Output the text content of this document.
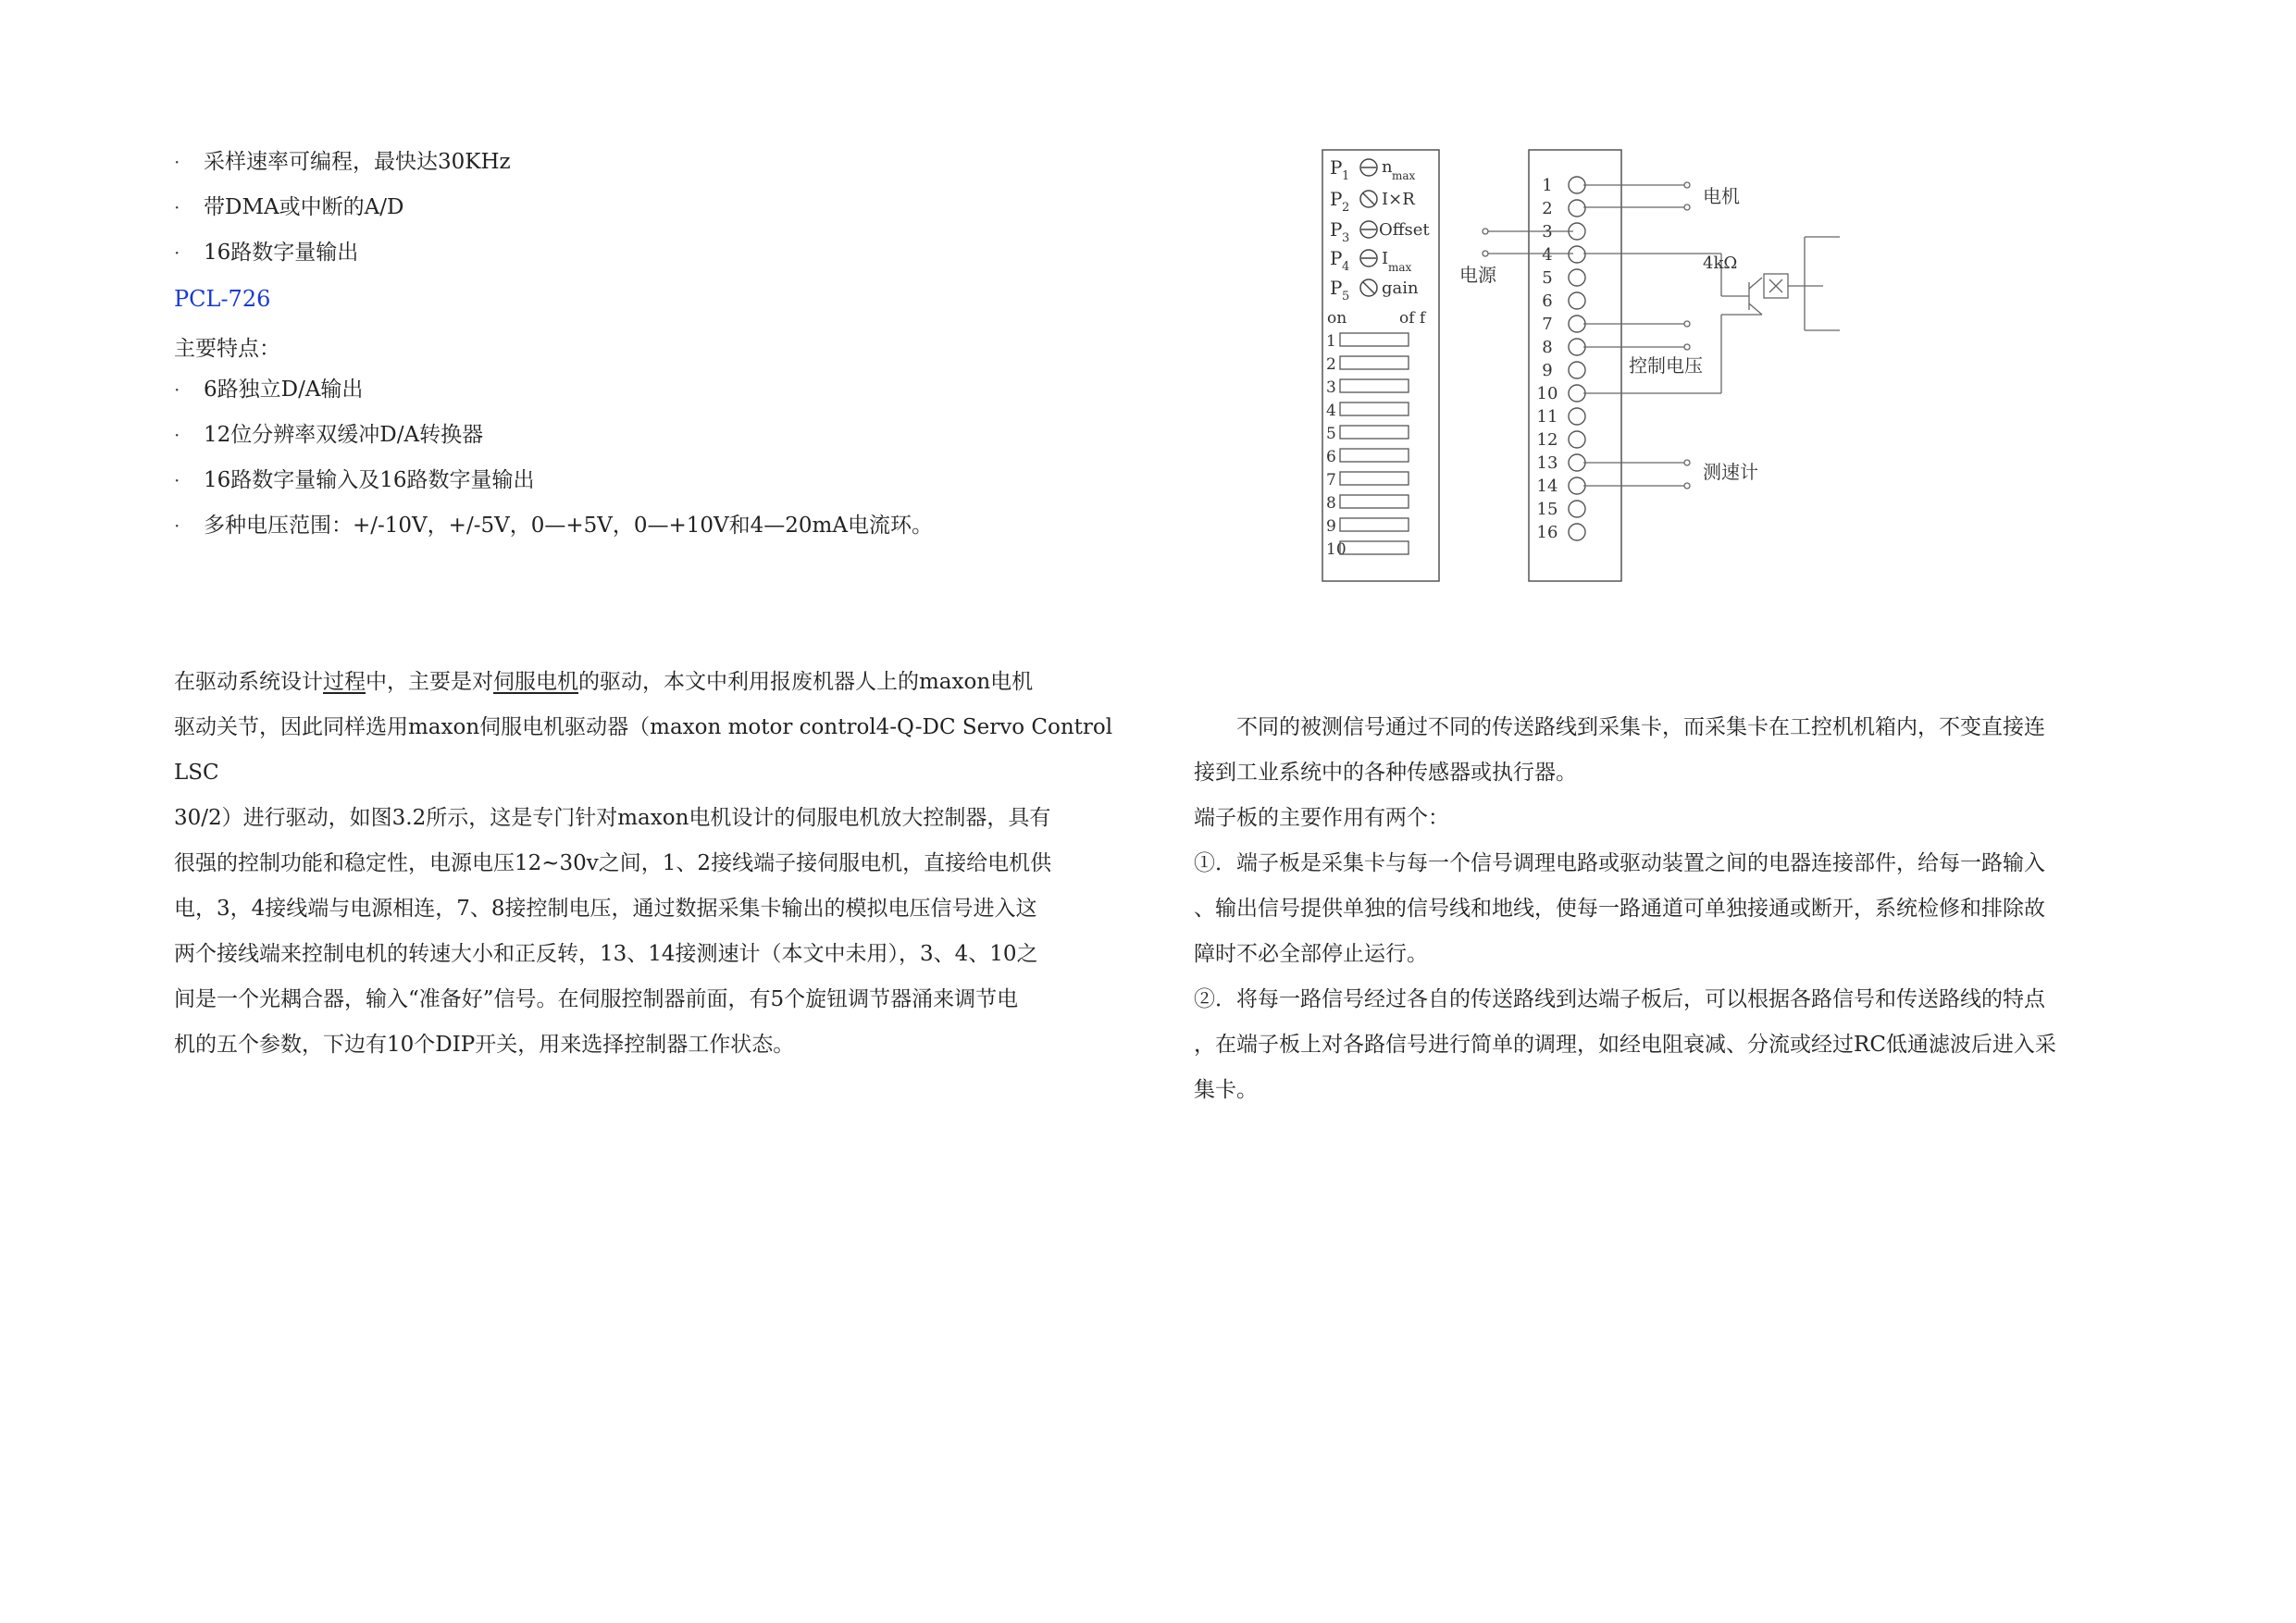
· 采样速率可编程，最快达30KHz
· 带DMA或中断的A/D
· 16路数字量输出
PCL-726
主要特点：
· 6路独立D/A输出
· 12位分辨率双缓冲D/A转换器
· 16路数字量输入及16路数字量输出
· 多种电压范围：+/-10V，+/-5V，0—+5V，0—+10V和4—20mA电流环。
在驱动系统设计过程中，主要是对伺服电机的驱动，本文中利用报废机器人上的maxon电机
驱动关节，因此同样选用maxon伺服电机驱动器（maxon motor control4-Q-DC Servo Control
LSC
30/2）进行驱动，如图3.2所示，这是专门针对maxon电机设计的伺服电机放大控制器，具有
很强的控制功能和稳定性，电源电压12~30v之间，1、2接线端子接伺服电机，直接给电机供
电，3，4接线端与电源相连，7、8接控制电压，通过数据采集卡输出的模拟电压信号进入这
两个接线端来控制电机的转速大小和正反转，13、14接测速计（本文中未用），3、4、10之
间是一个光耦合器，输入“准备好”信号。在伺服控制器前面，有5个旋钮调节器涌来调节电
机的五个参数，下边有10个DIP开关，用来选择控制器工作状态。
不同的被测信号通过不同的传送路线到采集卡，而采集卡在工控机机箱内，不变直接连
接到工业系统中的各种传感器或执行器。
端子板的主要作用有两个：
①．端子板是采集卡与每一个信号调理电路或驱动装置之间的电器连接部件，给每一路输入
、输出信号提供单独的信号线和地线，使每一路通道可单独接通或断开，系统检修和排除故
障时不必全部停止运行。
②．将每一路信号经过各自的传送路线到达端子板后，可以根据各路信号和传送路线的特点
，在端子板上对各路信号进行简单的调理，如经电阻衰减、分流或经过RC低通滤波后进入采
集卡。
P 1 n max
P 2 I×R
P 3 Offset
P 4 I max
P 5 gain
on	of f
1
2
3
4
5
6
7
8
9
10
1
2
3
4
5
6
7
8
9
10
11
12
13
14
15
16
电机
电源
4kΩ
控制电压
测速计
